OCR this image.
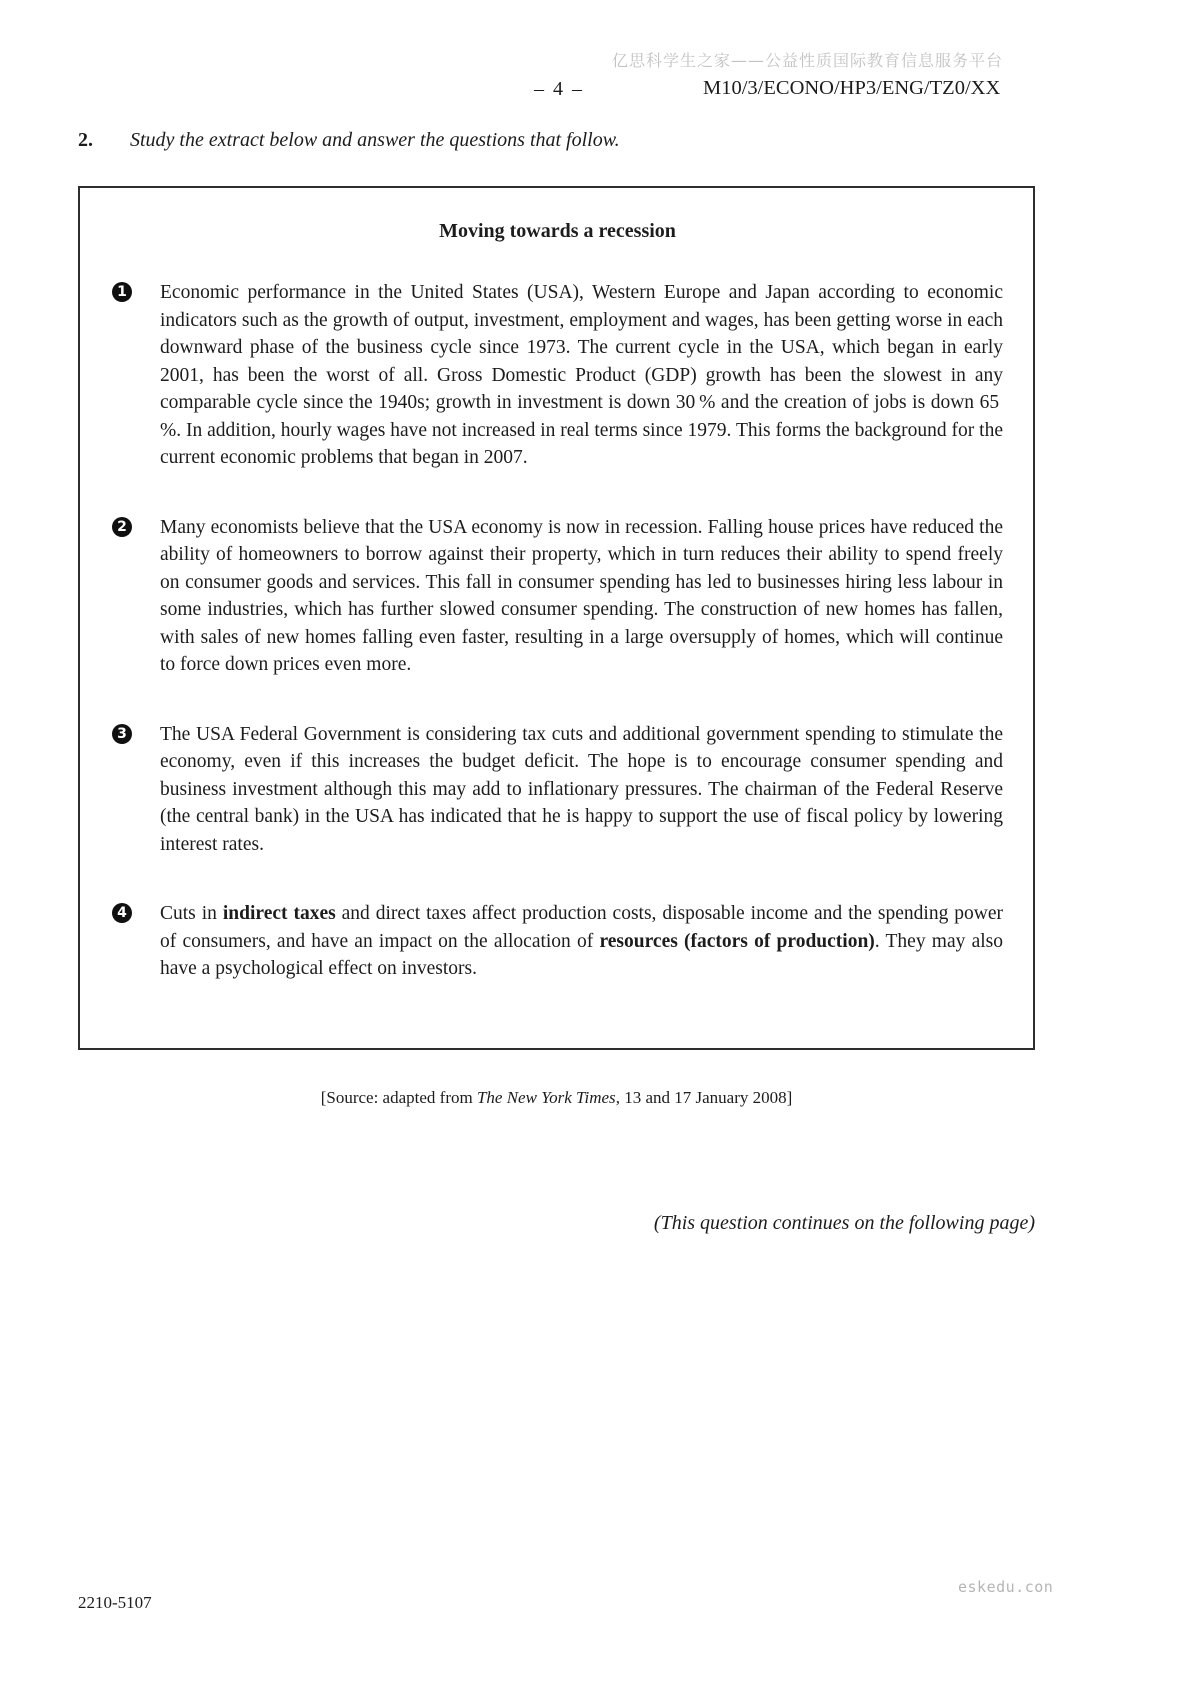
亿思科学生之家——公益性质国际教育信息服务平台
– 4 –	M10/3/ECONO/HP3/ENG/TZ0/XX
2. Study the extract below and answer the questions that follow.
Moving towards a recession
1	Economic performance in the United States (USA), Western Europe and Japan according to economic indicators such as the growth of output, investment, employment and wages, has been getting worse in each downward phase of the business cycle since 1973. The current cycle in the USA, which began in early 2001, has been the worst of all. Gross Domestic Product (GDP) growth has been the slowest in any comparable cycle since the 1940s; growth in investment is down 30 % and the creation of jobs is down 65 %. In addition, hourly wages have not increased in real terms since 1979. This forms the background for the current economic problems that began in 2007.
2	Many economists believe that the USA economy is now in recession. Falling house prices have reduced the ability of homeowners to borrow against their property, which in turn reduces their ability to spend freely on consumer goods and services. This fall in consumer spending has led to businesses hiring less labour in some industries, which has further slowed consumer spending. The construction of new homes has fallen, with sales of new homes falling even faster, resulting in a large oversupply of homes, which will continue to force down prices even more.
3	The USA Federal Government is considering tax cuts and additional government spending to stimulate the economy, even if this increases the budget deficit. The hope is to encourage consumer spending and business investment although this may add to inflationary pressures. The chairman of the Federal Reserve (the central bank) in the USA has indicated that he is happy to support the use of fiscal policy by lowering interest rates.
4	Cuts in indirect taxes and direct taxes affect production costs, disposable income and the spending power of consumers, and have an impact on the allocation of resources (factors of production). They may also have a psychological effect on investors.
[Source: adapted from The New York Times, 13 and 17 January 2008]
(This question continues on the following page)
2210-5107
eskedu.con
